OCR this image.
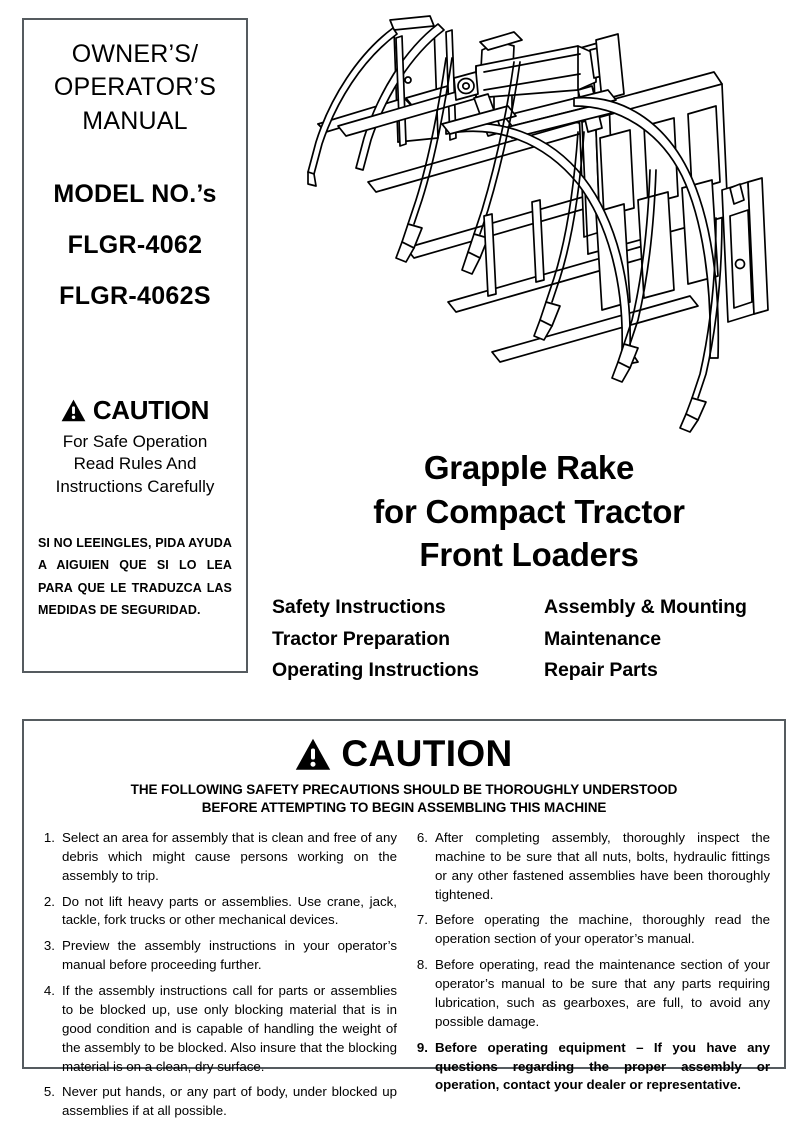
OWNER’S/
OPERATOR’S
MANUAL
MODEL NO.’s
FLGR-4062
FLGR-4062S
CAUTION
For Safe Operation
Read Rules And
Instructions Carefully
SI NO LEEINGLES, PIDA AYUDA A AIGUIEN QUE SI LO LEA PARA QUE LE TRADUZCA LAS MEDIDAS DE SEGURIDAD.
Grapple Rake
for Compact Tractor
Front Loaders
Safety Instructions
Tractor Preparation
Operating Instructions
Assembly & Mounting
Maintenance
Repair Parts
CAUTION
THE FOLLOWING SAFETY PRECAUTIONS SHOULD BE THOROUGHLY UNDERSTOOD
BEFORE ATTEMPTING TO BEGIN ASSEMBLING THIS MACHINE
1. Select an area for assembly that is clean and free of any debris which might cause persons working on the assembly to trip.
2. Do not lift heavy parts or assemblies. Use crane, jack, tackle, fork trucks or other mechanical devices.
3. Preview the assembly instructions in your operator’s manual before proceeding further.
4. If the assembly instructions call for parts or assemblies to be blocked up, use only blocking material that is in good condition and is capable of handling the weight of the assembly to be blocked. Also insure that the blocking material is on a clean, dry surface.
5. Never put hands, or any part of body, under blocked up assemblies if at all possible.
6. After completing assembly, thoroughly inspect the machine to be sure that all nuts, bolts, hydraulic fittings or any other fastened assemblies have been thoroughly tightened.
7. Before operating the machine, thoroughly read the operation section of your operator’s manual.
8. Before operating, read the maintenance section of your operator’s manual to be sure that any parts requiring lubrication, such as gearboxes, are full, to avoid any possible damage.
9. Before operating equipment – If you have any questions regarding the proper assembly or operation, contact your dealer or representative.
